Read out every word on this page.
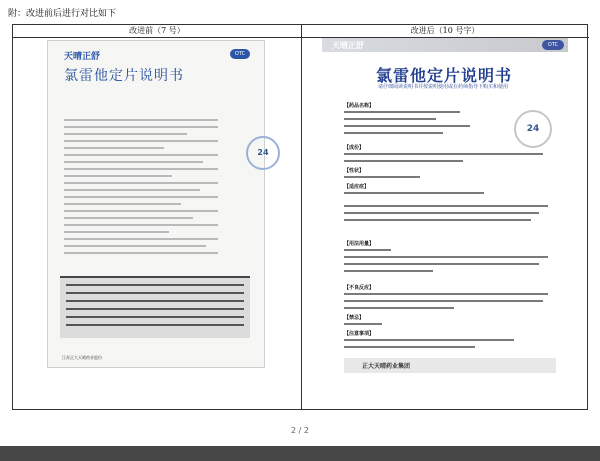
附：改进前后进行对比如下
改进前（7 号）	改进后（10 号字）
天晴正舒
氯雷他定片说明书
OTC
24
江苏正大天晴药业股份
天晴正舒	OTC
氯雷他定片说明书
请仔细阅读说明书并按说明使用或在药师指导下购买和使用
24
【药品名称】
【成份】
【性状】
【适应症】
【用法用量】
【不良反应】
【禁忌】
【注意事项】
正大天晴药业集团
2 / 2
